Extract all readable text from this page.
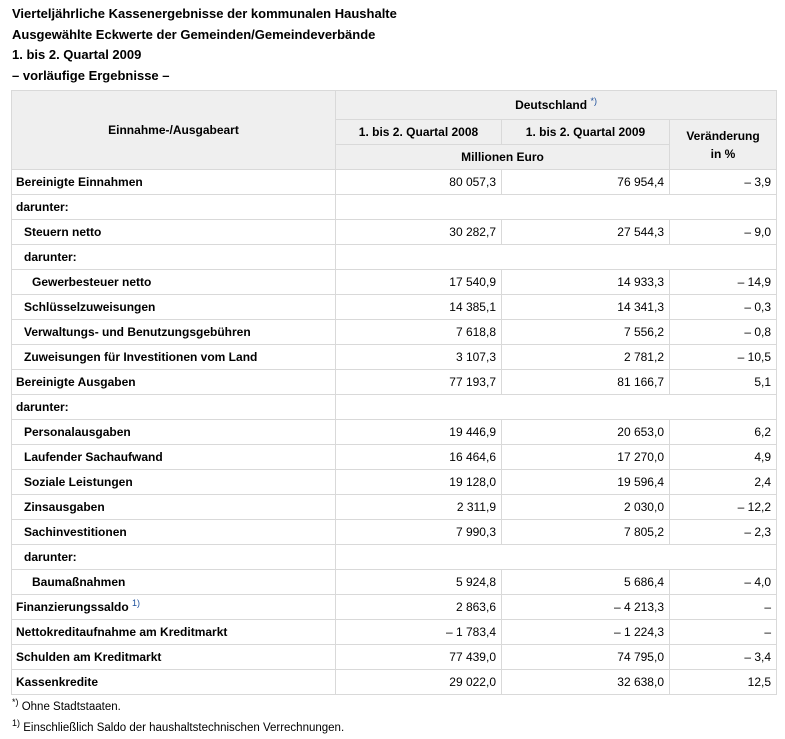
Vierteljährliche Kassenergebnisse der kommunalen Haushalte
Ausgewählte Eckwerte der Gemeinden/Gemeindeverbände
1. bis 2. Quartal 2009
– vorläufige Ergebnisse –
Einnahme-/Ausgabeart	Deutschland *)
	1. bis 2. Quartal 2008	1. bis 2. Quartal 2009	Veränderung
in %
	Millionen Euro		
Bereinigte Einnahmen	80 057,3	76 954,4	– 3,9
darunter:			
Steuern netto	30 282,7	27 544,3	– 9,0
darunter:			
Gewerbesteuer netto	17 540,9	14 933,3	– 14,9
Schlüsselzuweisungen	14 385,1	14 341,3	– 0,3
Verwaltungs- und Benutzungsgebühren	7 618,8	7 556,2	– 0,8
Zuweisungen für Investitionen vom Land	3 107,3	2 781,2	– 10,5
Bereinigte Ausgaben	77 193,7	81 166,7	5,1
darunter:			
Personalausgaben	19 446,9	20 653,0	6,2
Laufender Sachaufwand	16 464,6	17 270,0	4,9
Soziale Leistungen	19 128,0	19 596,4	2,4
Zinsausgaben	2 311,9	2 030,0	– 12,2
Sachinvestitionen	7 990,3	7 805,2	– 2,3
darunter:			
Baumaßnahmen	5 924,8	5 686,4	– 4,0
Finanzierungssaldo $^{1)}$	2 863,6	– 4 213,3	–
Nettokreditaufnahme am Kreditmarkt	– 1 783,4	– 1 224,3	–
Schulden am Kreditmarkt	77 439,0	74 795,0	– 3,4
Kassenkredite	29 022,0	32 638,0	12,5
*) Ohne Stadtstaaten.
$^{1)}$ Einschließlich Saldo der haushaltstechnischen Verrechnungen.
